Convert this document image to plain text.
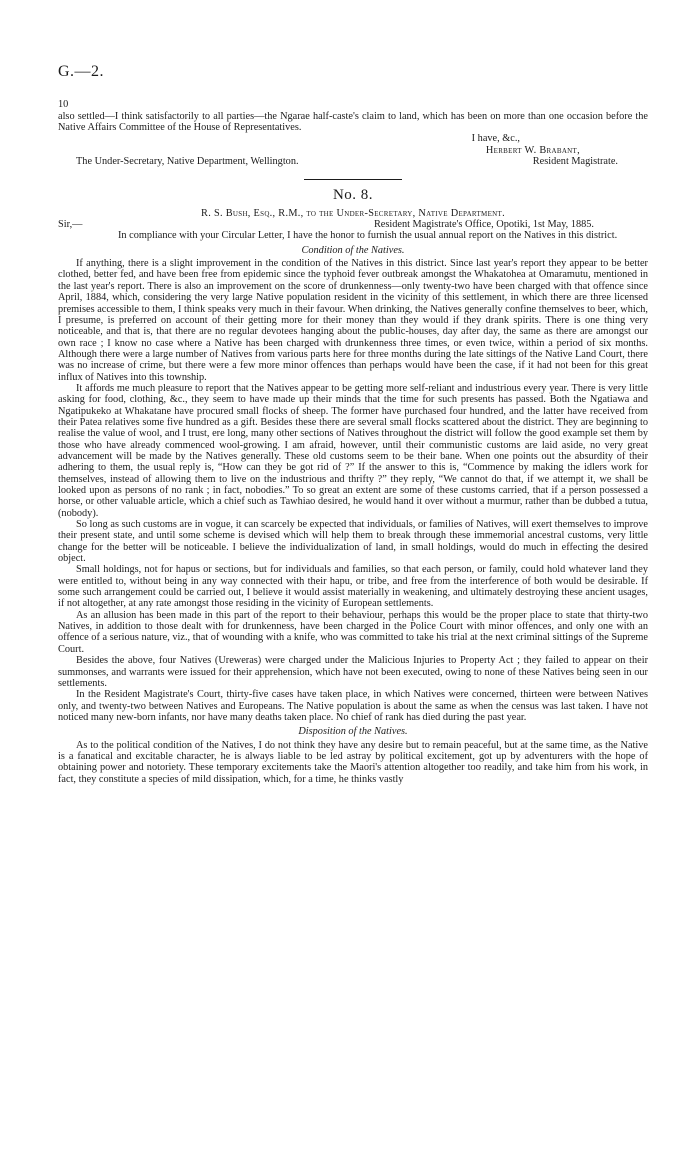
G.—2.
10

also settled—I think satisfactorily to all parties—the Ngarae half-caste's claim to land, which has been on more than one occasion before the Native Affairs Committee of the House of Representatives.

I have, &c.,

Herbert W. Brabant,

The Under-Secretary, Native Department, Wellington.	Resident Magistrate.
No. 8.

R. S. Bush, Esq., R.M., to the Under-Secretary, Native Department.

Sir,—	Resident Magistrate's Office, Opotiki, 1st May, 1885.

In compliance with your Circular Letter, I have the honor to furnish the usual annual report on the Natives in this district.

Condition of the Natives.

If anything, there is a slight improvement in the condition of the Natives in this district. Since last year's report they appear to be better clothed, better fed, and have been free from epidemic since the typhoid fever outbreak amongst the Whakatohea at Omaramutu, mentioned in the last year's report. There is also an improvement on the score of drunkenness—only twenty-two have been charged with that offence since April, 1884, which, considering the very large Native population resident in the vicinity of this settlement, in which there are three licensed premises accessible to them, I think speaks very much in their favour. When drinking, the Natives generally confine themselves to beer, which, I presume, is preferred on account of their getting more for their money than they would if they drank spirits. There is one thing very noticeable, and that is, that there are no regular devotees hanging about the public-houses, day after day, the same as there are amongst our own race ; I know no case where a Native has been charged with drunkenness three times, or even twice, within a period of six months. Although there were a large number of Natives from various parts here for three months during the late sittings of the Native Land Court, there was no increase of crime, but there were a few more minor offences than perhaps would have been the case, if it had not been for this great influx of Natives into this township.

It affords me much pleasure to report that the Natives appear to be getting more self-reliant and industrious every year. There is very little asking for food, clothing, &c., they seem to have made up their minds that the time for such presents has passed. Both the Ngatiawa and Ngatipukeko at Whakatane have procured small flocks of sheep. The former have purchased four hundred, and the latter have received from their Patea relatives some five hundred as a gift. Besides these there are several small flocks scattered about the district. They are beginning to realise the value of wool, and I trust, ere long, many other sections of Natives throughout the district will follow the good example set them by those who have already commenced wool-growing. I am afraid, however, until their communistic customs are laid aside, no very great advancement will be made by the Natives generally. These old customs seem to be their bane. When one points out the absurdity of their adhering to them, the usual reply is, “How can they be got rid of ?” If the answer to this is, “Commence by making the idlers work for themselves, instead of allowing them to live on the industrious and thrifty ?” they reply, “We cannot do that, if we attempt it, we shall be looked upon as persons of no rank ; in fact, nobodies.” To so great an extent are some of these customs carried, that if a person possessed a horse, or other valuable article, which a chief such as Tawhiao desired, he would hand it over without a murmur, rather than be dubbed a tutua, (nobody).

So long as such customs are in vogue, it can scarcely be expected that individuals, or families of Natives, will exert themselves to improve their present state, and until some scheme is devised which will help them to break through these immemorial ancestral customs, very little change for the better will be noticeable. I believe the individualization of land, in small holdings, would do much in effecting the desired object.

Small holdings, not for hapus or sections, but for individuals and families, so that each person, or family, could hold whatever land they were entitled to, without being in any way connected with their hapu, or tribe, and free from the interference of both would be desirable. If some such arrangement could be carried out, I believe it would assist materially in weakening, and ultimately destroying these ancient usages, if not altogether, at any rate amongst those residing in the vicinity of European settlements.

As an allusion has been made in this part of the report to their behaviour, perhaps this would be the proper place to state that thirty-two Natives, in addition to those dealt with for drunkenness, have been charged in the Police Court with minor offences, and only one with an offence of a serious nature, viz., that of wounding with a knife, who was committed to take his trial at the next criminal sittings of the Supreme Court.

Besides the above, four Natives (Ureweras) were charged under the Malicious Injuries to Property Act ; they failed to appear on their summonses, and warrants were issued for their apprehension, which have not been executed, owing to none of these Natives being seen in our settlements.

In the Resident Magistrate's Court, thirty-five cases have taken place, in which Natives were concerned, thirteen were between Natives only, and twenty-two between Natives and Europeans. The Native population is about the same as when the census was last taken. I have not noticed many new-born infants, nor have many deaths taken place. No chief of rank has died during the past year.

Disposition of the Natives.

As to the political condition of the Natives, I do not think they have any desire but to remain peaceful, but at the same time, as the Native is a fanatical and excitable character, he is always liable to be led astray by political excitement, got up by adventurers with the hope of obtaining power and notoriety. These temporary excitements take the Maori's attention altogether too readily, and take him from his work, in fact, they constitute a species of mild dissipation, which, for a time, he thinks vastly
